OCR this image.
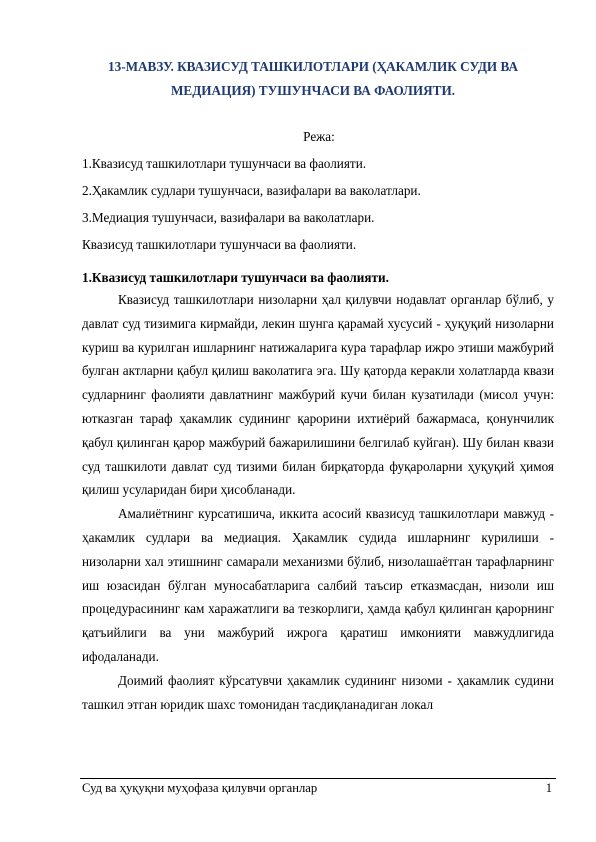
13-МАВЗУ. КВАЗИСУД ТАШКИЛОТЛАРИ (ҲАКАМЛИК СУДИ ВА МЕДИАЦИЯ) ТУШУНЧАСИ ВА ФАОЛИЯТИ.

Режа:

1.Квазисуд ташкилотлари тушунчаси ва фаолияти.
2.Ҳакамлик судлари тушунчаси, вазифалари ва ваколатлари.
3.Медиация тушунчаси, вазифалари ва ваколатлари.
Квазисуд ташкилотлари тушунчаси ва фаолияти.
1.Квазисуд ташкилотлари тушунчаси ва фаолияти.

Квазисуд ташкилотлари низоларни ҳал қилувчи нодавлат органлар бўлиб, у давлат суд тизимига кирмайди, лекин шунга қарамай хусусий - ҳуқуқий низоларни куриш ва курилган ишларнинг натижаларига кура тарафлар ижро этиши мажбурий булган актларни қабул қилиш ваколатига эга. Шу қаторда керакли холатларда квази судларнинг фаолияти давлатнинг мажбурий кучи билан кузатилади (мисол учун: ютказган тараф ҳакамлик судининг қарорини ихтиёрий бажармаса, қонунчилик қабул қилинган қарор мажбурий бажарилишини белгилаб куйган). Шу билан квази суд ташкилоти давлат суд тизими билан бирқаторда фуқароларни ҳуқуқий ҳимоя қилиш усуларидан бири ҳисобланади.

Амалиётнинг курсатишича, иккита асосий квазисуд ташкилотлари мавжуд - ҳакамлик судлари ва медиация. Ҳакамлик судида ишларнинг курилиши - низоларни хал этишнинг самарали механизми бўлиб, низолашаётган тарафларнинг иш юзасидан бўлган муносабатларига салбий таъсир етказмасдан, низоли иш процедурасининг кам харажатлиги ва тезкорлиги, ҳамда қабул қилинган қарорнинг қатъийлиги ва уни мажбурий ижрога қаратиш имконияти мавжудлигида ифодаланади.

Доимий фаолият кўрсатувчи ҳакамлик судининг низоми - ҳакамлик судини ташкил этган юридик шахс томонидан тасдиқланадиган локал

Суд ва ҳуқуқни муҳофаза қилувчи органлар	1
